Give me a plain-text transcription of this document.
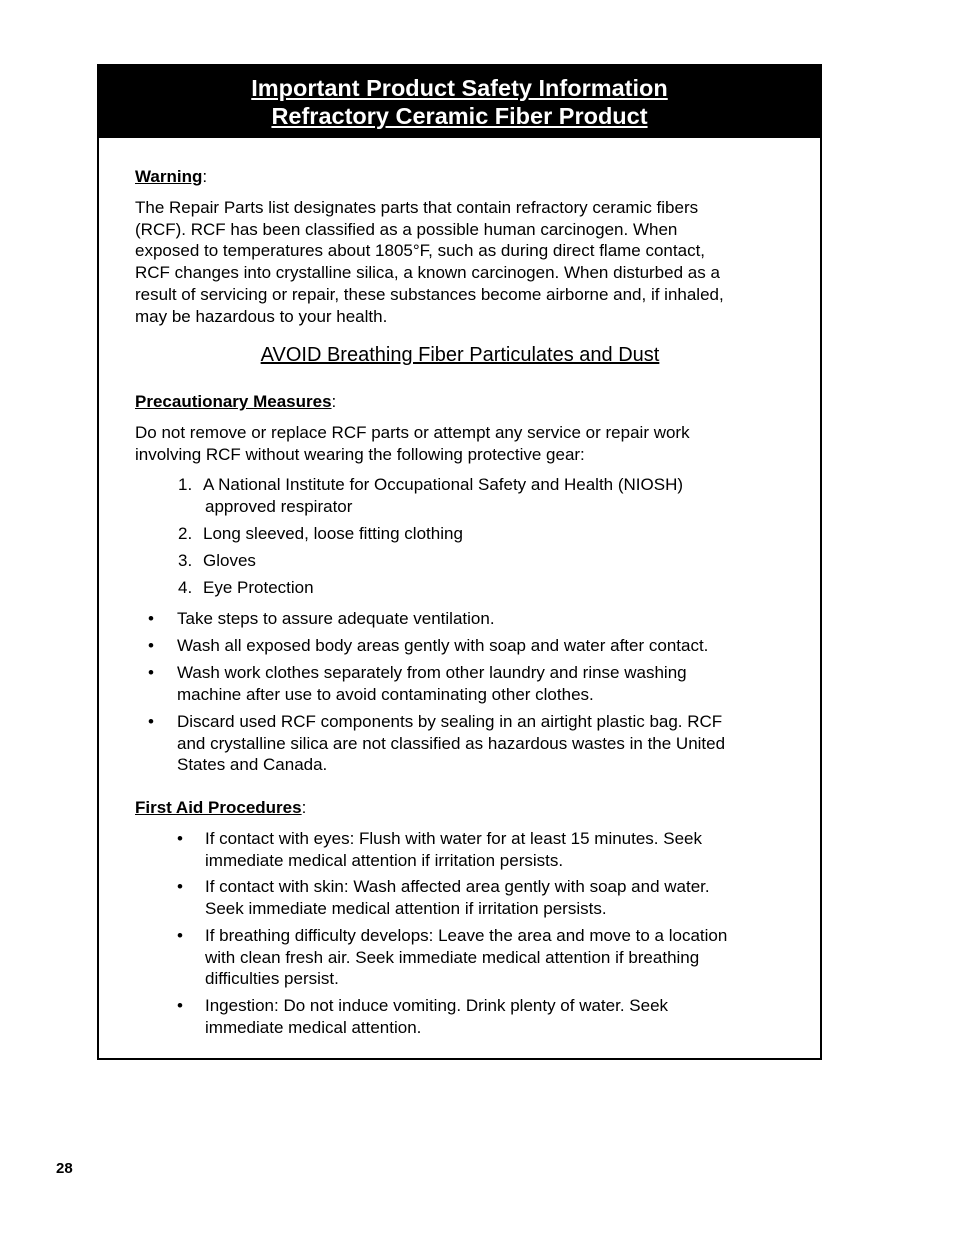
Important Product Safety Information
Refractory Ceramic Fiber Product
Warning:
The Repair Parts list designates parts that contain refractory ceramic fibers
(RCF). RCF has been classified as a possible human carcinogen. When
exposed to temperatures about 1805°F, such as during direct flame contact,
RCF changes into crystalline silica, a known carcinogen. When disturbed as a
result of servicing or repair, these substances become airborne and, if inhaled,
may be hazardous to your health.
AVOID Breathing Fiber Particulates and Dust
Precautionary Measures:
Do not remove or replace RCF parts or attempt any service or repair work
involving RCF without wearing the following protective gear:
1. A National Institute for Occupational Safety and Health (NIOSH)
approved respirator
2. Long sleeved, loose fitting clothing
3. Gloves
4. Eye Protection
• Take steps to assure adequate ventilation.
• Wash all exposed body areas gently with soap and water after contact.
• Wash work clothes separately from other laundry and rinse washing
machine after use to avoid contaminating other clothes.
• Discard used RCF components by sealing in an airtight plastic bag. RCF
and crystalline silica are not classified as hazardous wastes in the United
States and Canada.
First Aid Procedures:
• If contact with eyes: Flush with water for at least 15 minutes. Seek
immediate medical attention if irritation persists.
• If contact with skin: Wash affected area gently with soap and water.
Seek immediate medical attention if irritation persists.
• If breathing difficulty develops: Leave the area and move to a location
with clean fresh air. Seek immediate medical attention if breathing
difficulties persist.
• Ingestion: Do not induce vomiting. Drink plenty of water. Seek
immediate medical attention.
28
